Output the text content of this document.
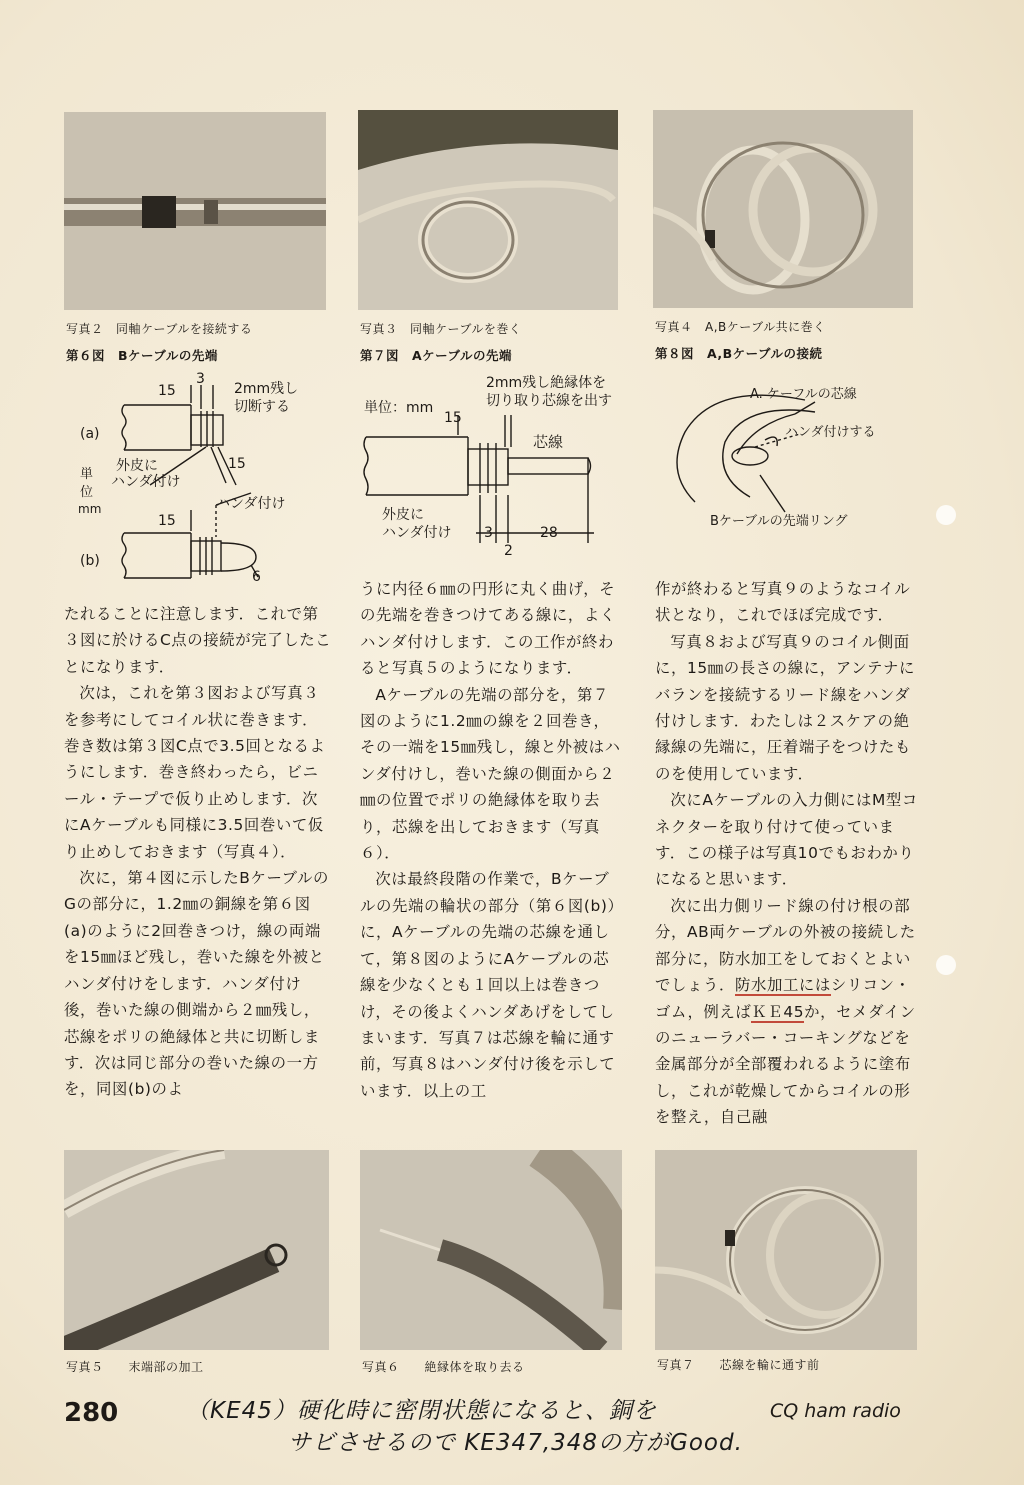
写真２　同軸ケーブルを接続する	写真３　同軸ケーブルを巻く	写真４　A,Bケーブル共に巻く
第６図　Bケーブルの先端	第７図　Aケーブルの先端	第８図　A,Bケーブルの接続
15
3
2mm残し
切断する
(a)
外皮に
ハンダ付け
15
単
位
mm	ハンダ付け
15
(b)
6
2mm残し絶縁体を
切り取り芯線を出す
単位：mm
15
芯線
外皮に
ハンダ付け 3	28
2
A. ケーフルの芯線
ハンダ付けする
Bケーブルの先端リング

たれることに注意します．これで第３図に於けるC点の接続が完了したことになります．

次は，これを第３図および写真３を参考にしてコイル状に巻きます．巻き数は第３図C点で3.5回となるようにします．巻き終わったら，ビニール・テープで仮り止めします．次にAケーブルも同様に3.5回巻いて仮り止めしておきます（写真４）．

次に，第４図に示したBケーブルのGの部分に，1.2㎜の銅線を第６図(a)のように2回巻きつけ，線の両端を15㎜ほど残し，巻いた線を外被とハンダ付けをします．ハンダ付け後，巻いた線の側端から２㎜残し，芯線をポリの絶縁体と共に切断します．次は同じ部分の巻いた線の一方を，同図(b)のよ

うに内径６㎜の円形に丸く曲げ，その先端を巻きつけてある線に，よくハンダ付けします．この工作が終わると写真５のようになります．

Aケーブルの先端の部分を，第７図のように1.2㎜の線を２回巻き，その一端を15㎜残し，線と外被はハンダ付けし，巻いた線の側面から２㎜の位置でポリの絶縁体を取り去り，芯線を出しておきます（写真６）．

次は最終段階の作業で，Bケーブルの先端の輪状の部分（第６図(b)）に，Aケーブルの先端の芯線を通して，第８図のようにAケーブルの芯線を少なくとも１回以上は巻きつけ，その後よくハンダあげをしてしまいます．写真７は芯線を輪に通す前，写真８はハンダ付け後を示しています．以上の工

作が終わると写真９のようなコイル状となり，これでほぼ完成です．

写真８および写真９のコイル側面に，15㎜の長さの線に，アンテナにバランを接続するリード線をハンダ付けします．わたしは２スケアの絶縁線の先端に，圧着端子をつけたものを使用しています．

次にAケーブルの入力側にはM型コネクターを取り付けて使っています．この様子は写真10でもおわかりになると思います．

次に出力側リード線の付け根の部分，AB両ケーブルの外被の接続した部分に，防水加工をしておくとよいでしょう．防水加工にはシリコン・ゴム，例えばＫＥ45か，セメダインのニューラバー・コーキングなどを金属部分が全部覆われるように塗布し，これが乾燥してからコイルの形を整え，自己融

写真５　　末端部の加工	写真６　　絶縁体を取り去る	写真７　　芯線を輪に通す前
280	CQ ham radio
（KE45）硬化時に密閉状態になると、銅を
サビさせるので KE347,348の方がGood.
